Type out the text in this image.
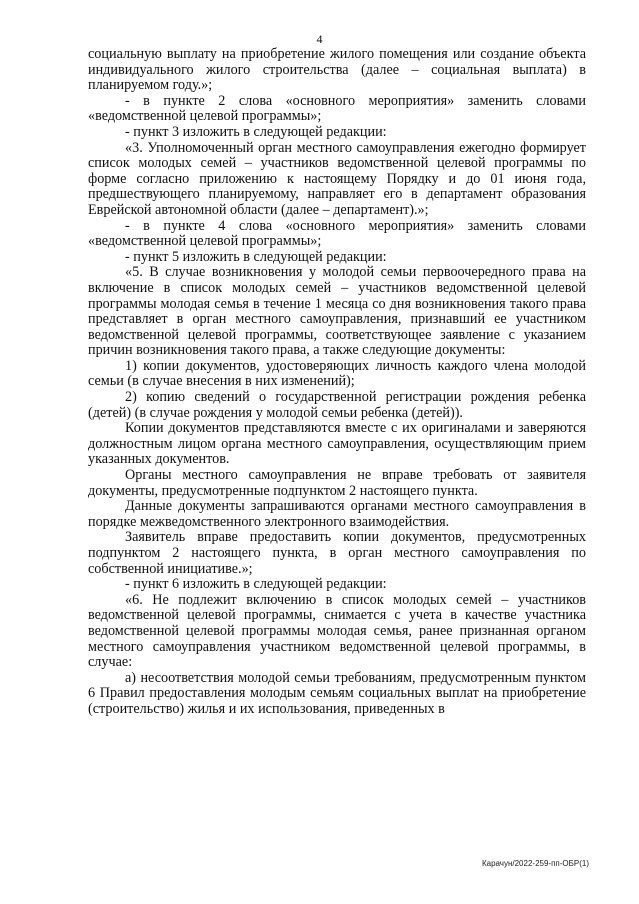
4

социальную выплату на приобретение жилого помещения или создание объекта индивидуального жилого строительства (далее – социальная выплата) в планируемом году.»;

- в пункте 2 слова «основного мероприятия» заменить словами «ведомственной целевой программы»;

- пункт 3 изложить в следующей редакции:

«3. Уполномоченный орган местного самоуправления ежегодно формирует список молодых семей – участников ведомственной целевой программы по форме согласно приложению к настоящему Порядку и до 01 июня года, предшествующего планируемому, направляет его в департамент образования Еврейской автономной области (далее – департамент).»;

- в пункте 4 слова «основного мероприятия» заменить словами «ведомственной целевой программы»;

- пункт 5 изложить в следующей редакции:

«5. В случае возникновения у молодой семьи первоочередного права на включение в список молодых семей – участников ведомственной целевой программы молодая семья в течение 1 месяца со дня возникновения такого права представляет в орган местного самоуправления, признавший ее участником ведомственной целевой программы, соответствующее заявление с указанием причин возникновения такого права, а также следующие документы:

1) копии документов, удостоверяющих личность каждого члена молодой семьи (в случае внесения в них изменений);

2) копию сведений о государственной регистрации рождения ребенка (детей) (в случае рождения у молодой семьи ребенка (детей)).

Копии документов представляются вместе с их оригиналами и заверяются должностным лицом органа местного самоуправления, осуществляющим прием указанных документов.

Органы местного самоуправления не вправе требовать от заявителя документы, предусмотренные подпунктом 2 настоящего пункта.

Данные документы запрашиваются органами местного самоуправления в порядке межведомственного электронного взаимодействия.

Заявитель вправе предоставить копии документов, предусмотренных подпунктом 2 настоящего пункта, в орган местного самоуправления по собственной инициативе.»;

- пункт 6 изложить в следующей редакции:

«6. Не подлежит включению в список молодых семей – участников ведомственной целевой программы, снимается с учета в качестве участника ведомственной целевой программы молодая семья, ранее признанная органом местного самоуправления участником ведомственной целевой программы, в случае:

а) несоответствия молодой семьи требованиям, предусмотренным пунктом 6 Правил предоставления молодым семьям социальных выплат на приобретение (строительство) жилья и их использования, приведенных в

Карачун/2022-259-пп-ОБР(1)
